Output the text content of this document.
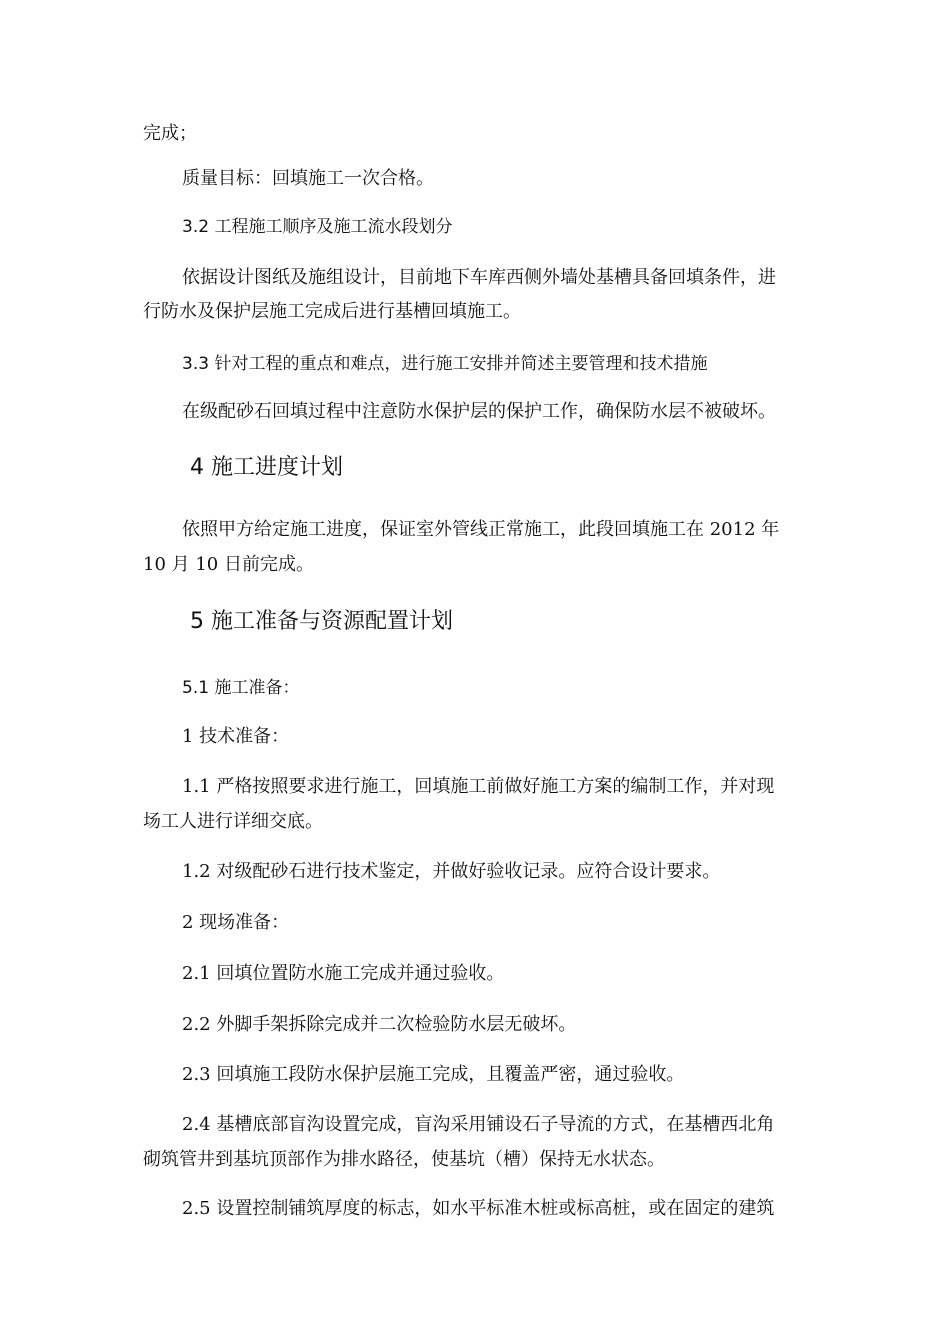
完成；
质量目标：回填施工一次合格。
3.2 工程施工顺序及施工流水段划分
依据设计图纸及施组设计，目前地下车库西侧外墙处基槽具备回填条件，进
行防水及保护层施工完成后进行基槽回填施工。
3.3 针对工程的重点和难点，进行施工安排并简述主要管理和技术措施
在级配砂石回填过程中注意防水保护层的保护工作，确保防水层不被破坏。
4 施工进度计划
依照甲方给定施工进度，保证室外管线正常施工，此段回填施工在 2012 年
10 月 10 日前完成。
5 施工准备与资源配置计划
5.1 施工准备：
1 技术准备：
1.1 严格按照要求进行施工，回填施工前做好施工方案的编制工作，并对现
场工人进行详细交底。
1.2 对级配砂石进行技术鉴定，并做好验收记录。应符合设计要求。
2 现场准备：
2.1 回填位置防水施工完成并通过验收。
2.2 外脚手架拆除完成并二次检验防水层无破坏。
2.3 回填施工段防水保护层施工完成，且覆盖严密，通过验收。
2.4 基槽底部盲沟设置完成，盲沟采用铺设石子导流的方式，在基槽西北角
砌筑管井到基坑顶部作为排水路径，使基坑（槽）保持无水状态。
2.5 设置控制铺筑厚度的标志，如水平标准木桩或标高桩，或在固定的建筑
